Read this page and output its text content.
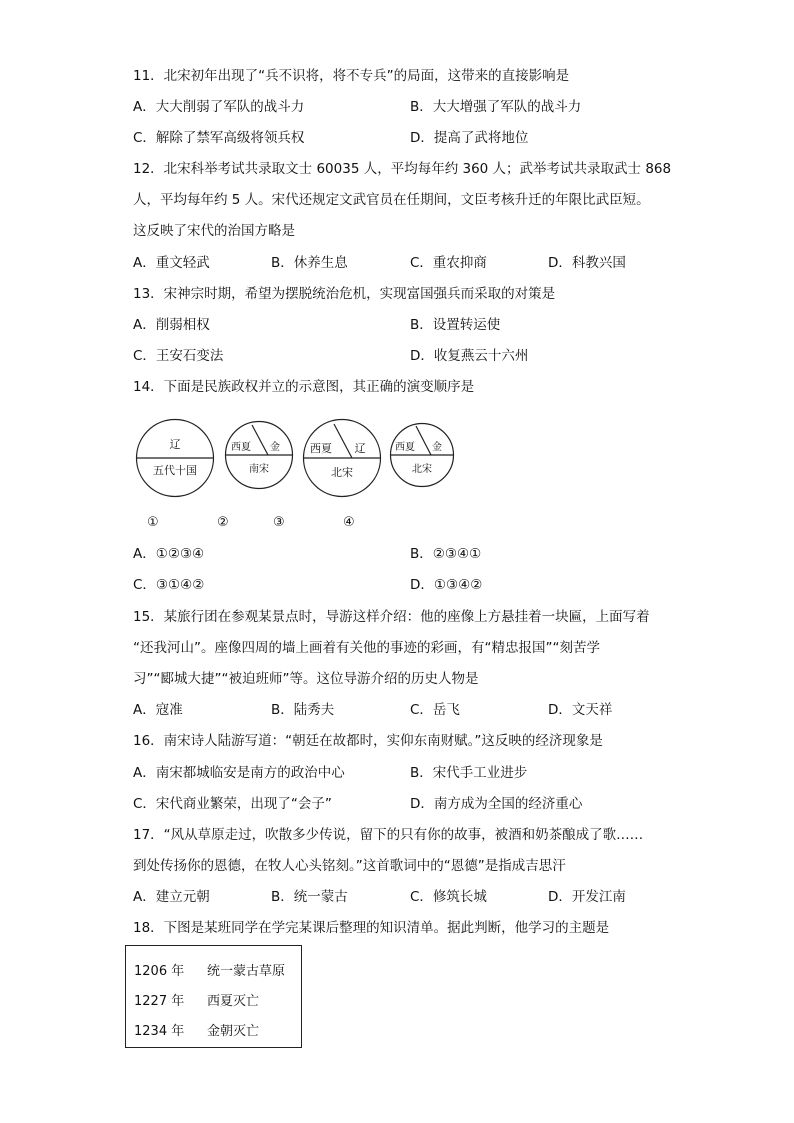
11．北宋初年出现了“兵不识将，将不专兵”的局面，这带来的直接影响是
A．大大削弱了军队的战斗力	B．大大增强了军队的战斗力
C．解除了禁军高级将领兵权	D．提高了武将地位
12．北宋科举考试共录取文士 60035 人，平均每年约 360 人；武举考试共录取武士 868
人，平均每年约 5 人。宋代还规定文武官员在任期间，文臣考核升迁的年限比武臣短。
这反映了宋代的治国方略是
A．重文轻武	B．休养生息	C．重农抑商	D．科教兴国
13．宋神宗时期，希望为摆脱统治危机，实现富国强兵而采取的对策是
A．削弱相权	B．设置转运使
C．王安石变法	D．收复燕云十六州
14．下面是民族政权并立的示意图，其正确的演变顺序是
辽
五代十国
西夏 金
南宋
西夏 辽
北宋
西夏 金
北宋
①	②	③	④
A．①②③④	B．②③④①
C．③①④②	D．①③④②
15．某旅行团在参观某景点时，导游这样介绍：他的座像上方悬挂着一块匾，上面写着
“还我河山”。座像四周的墙上画着有关他的事迹的彩画，有“精忠报国”“刻苦学
习”“郾城大捷”“被迫班师”等。这位导游介绍的历史人物是
A．寇准	B．陆秀夫	C．岳飞	D．文天祥
16．南宋诗人陆游写道：“朝廷在故都时，实仰东南财赋。”这反映的经济现象是
A．南宋都城临安是南方的政治中心	B．宋代手工业进步
C．宋代商业繁荣，出现了“会子”	D．南方成为全国的经济重心
17．“风从草原走过，吹散多少传说，留下的只有你的故事，被酒和奶茶酿成了歌……
到处传扬你的恩德，在牧人心头铭刻。”这首歌词中的“恩德”是指成吉思汗
A．建立元朝	B．统一蒙古	C．修筑长城	D．开发江南
18．下图是某班同学在学完某课后整理的知识清单。据此判断，他学习的主题是
1206 年 统一蒙古草原
1227 年 西夏灭亡
1234 年 金朝灭亡
